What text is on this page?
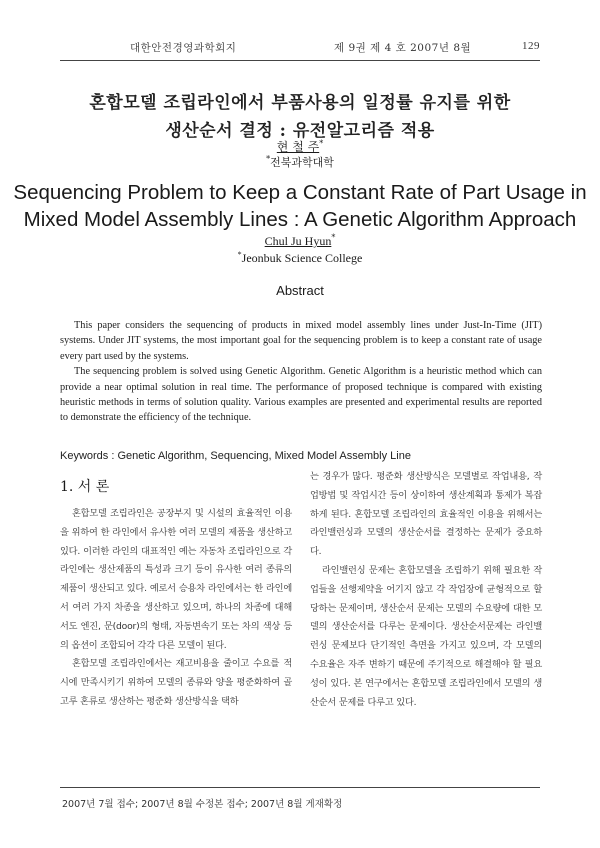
대한안전경영과학회지	제 9권 제 4 호 2007년 8월	129
혼합모델 조립라인에서 부품사용의 일정률 유지를 위한
생산순서 결정 : 유전알고리즘 적용
현 철 주*
*전북과학대학
Sequencing Problem to Keep a Constant Rate of Part Usage in
Mixed Model Assembly Lines : A Genetic Algorithm Approach
Chul Ju Hyun*
*Jeonbuk Science College
Abstract

This paper considers the sequencing of products in mixed model assembly lines under Just-In-Time (JIT) systems. Under JIT systems, the most important goal for the sequencing problem is to keep a constant rate of usage every part used by the systems.

The sequencing problem is solved using Genetic Algorithm. Genetic Algorithm is a heuristic method which can provide a near optimal solution in real time. The performance of proposed technique is compared with existing heuristic methods in terms of solution quality. Various examples are presented and experimental results are reported to demonstrate the efficiency of the technique.

Keywords : Genetic Algorithm, Sequencing, Mixed Model Assembly Line
1. 서 론

혼합모델 조립라인은 공장부지 및 시설의 효율적인 이용을 위하여 한 라인에서 유사한 여러 모델의 제품을 생산하고 있다. 이러한 라인의 대표적인 예는 자동차 조립라인으로 각 라인에는 생산제품의 특성과 크기 등이 유사한 여러 종류의 제품이 생산되고 있다. 예로서 승용차 라인에서는 한 라인에서 여러 가지 차종을 생산하고 있으며, 하나의 차종에 대해서도 엔진, 문(door)의 형태, 자동변속기 또는 차의 색상 등의 옵션이 조합되어 각각 다른 모델이 된다.

혼합모델 조립라인에서는 재고비용을 줄이고 수요를 적시에 만족시키기 위하여 모델의 종류와 양을 평준화하여 골고루 혼류로 생산하는 평준화 생산방식을 택하

는 경우가 많다. 평준화 생산방식은 모델별로 작업내용, 작업방법 및 작업시간 등이 상이하여 생산계획과 통제가 복잡하게 된다. 혼합모델 조립라인의 효율적인 이용을 위해서는 라인밸런싱과 모델의 생산순서를 결정하는 문제가 중요하다.

라인밸런싱 문제는 혼합모델을 조립하기 위해 필요한 작업들을 선행제약을 어기지 않고 각 작업장에 균형적으로 할당하는 문제이며, 생산순서 문제는 모델의 수요량에 대한 모델의 생산순서를 다루는 문제이다. 생산순서문제는 라인밸런싱 문제보다 단기적인 측면을 가지고 있으며, 각 모델의 수요율은 자주 변하기 때문에 주기적으로 해결해야 할 필요성이 있다. 본 연구에서는 혼합모델 조립라인에서 모델의 생산순서 문제를 다루고 있다.

2007년 7월 접수; 2007년 8월 수정본 접수; 2007년 8월 게재확정
